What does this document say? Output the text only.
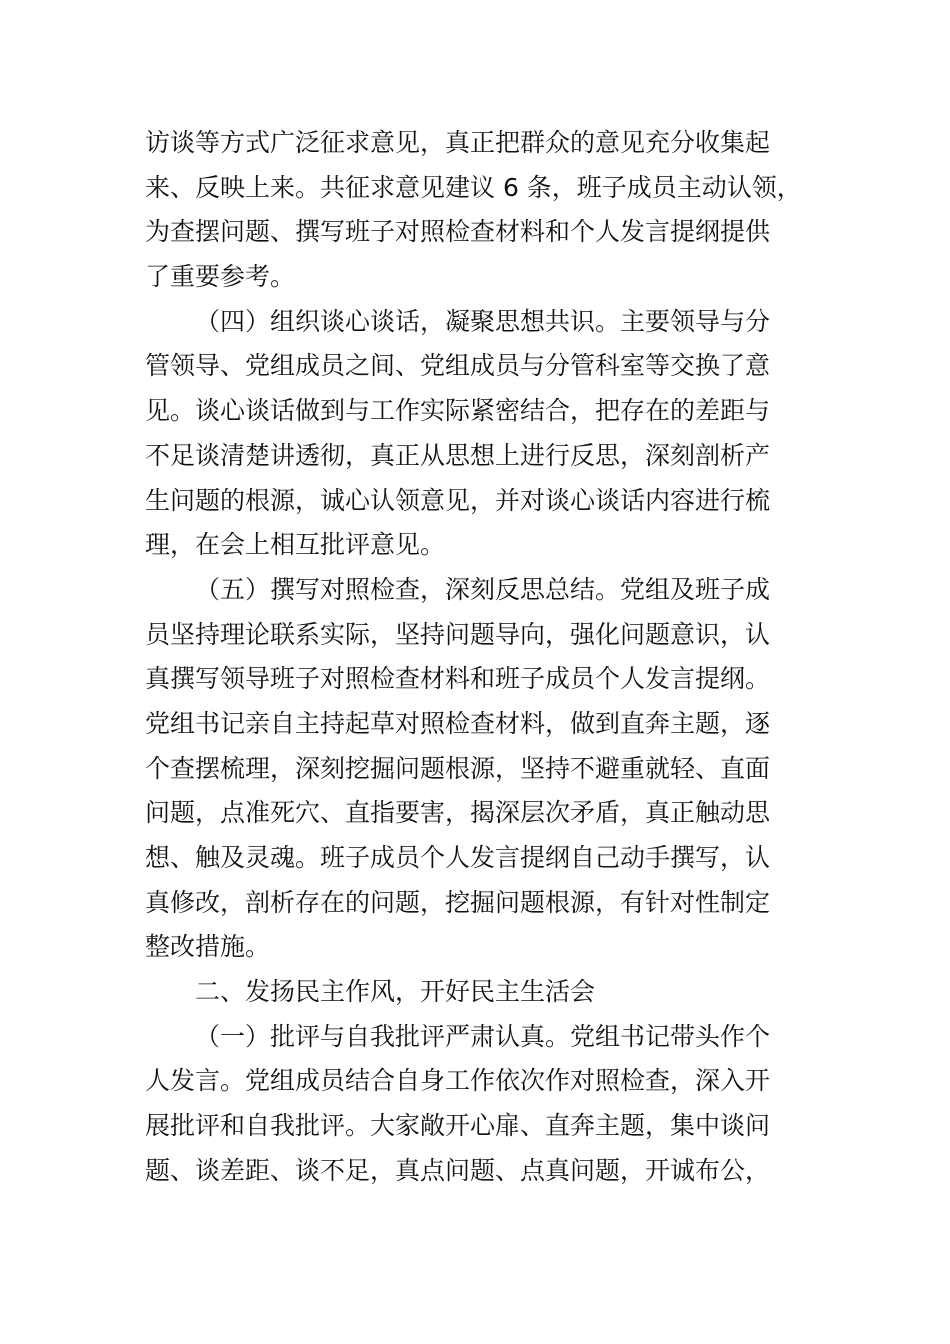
访谈等方式广泛征求意见，真正把群众的意见充分收集起
来、反映上来。共征求意见建议 6 条，班子成员主动认领，
为查摆问题、撰写班子对照检查材料和个人发言提纲提供
了重要参考。
（四）组织谈心谈话，凝聚思想共识。主要领导与分
管领导、党组成员之间、党组成员与分管科室等交换了意
见。谈心谈话做到与工作实际紧密结合，把存在的差距与
不足谈清楚讲透彻，真正从思想上进行反思，深刻剖析产
生问题的根源，诚心认领意见，并对谈心谈话内容进行梳
理，在会上相互批评意见。
（五）撰写对照检查，深刻反思总结。党组及班子成
员坚持理论联系实际，坚持问题导向，强化问题意识，认
真撰写领导班子对照检查材料和班子成员个人发言提纲。
党组书记亲自主持起草对照检查材料，做到直奔主题，逐
个查摆梳理，深刻挖掘问题根源，坚持不避重就轻、直面
问题，点准死穴、直指要害，揭深层次矛盾，真正触动思
想、触及灵魂。班子成员个人发言提纲自己动手撰写，认
真修改，剖析存在的问题，挖掘问题根源，有针对性制定
整改措施。
二、发扬民主作风，开好民主生活会
（一）批评与自我批评严肃认真。党组书记带头作个
人发言。党组成员结合自身工作依次作对照检查，深入开
展批评和自我批评。大家敞开心扉、直奔主题，集中谈问
题、谈差距、谈不足，真点问题、点真问题，开诚布公，
